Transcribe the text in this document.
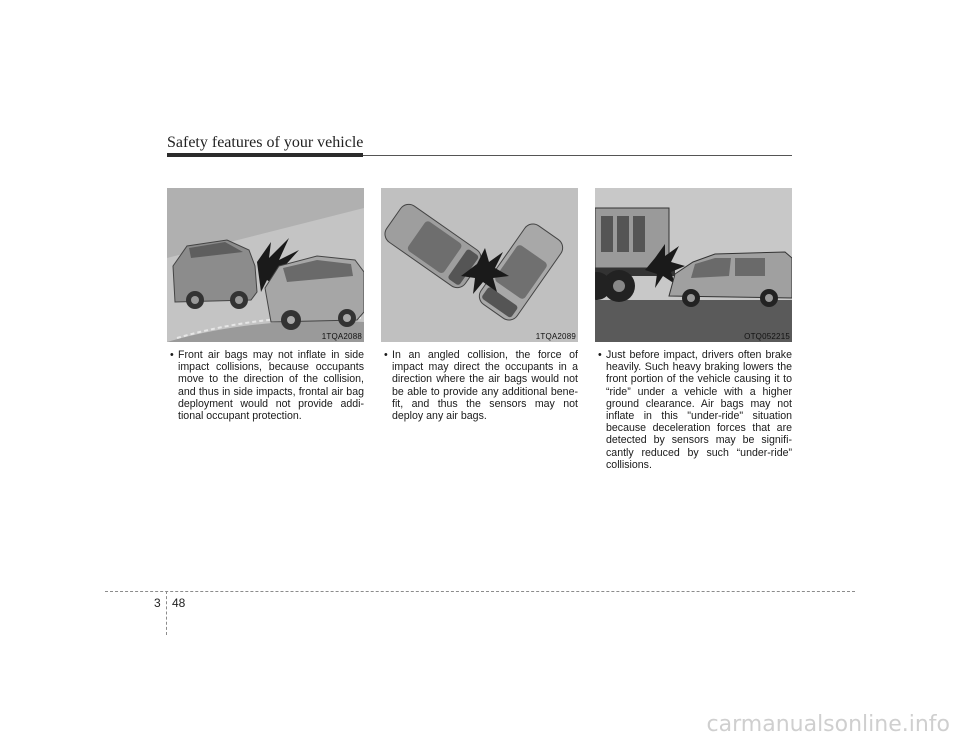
Safety features of your vehicle
1TQA2088
• Front air bags may not inflate in side impact collisions, because occupants move to the direction of the collision, and thus in side impacts, frontal air bag deployment would not provide addi- tional occupant protection.
1TQA2089
• In an angled collision, the force of impact may direct the occupants in a direction where the air bags would not be able to provide any additional bene- fit, and thus the sensors may not deploy any air bags.
OTQ052215
• Just before impact, drivers often brake heavily. Such heavy braking lowers the front portion of the vehicle causing it to “ride” under a vehicle with a higher ground clearance. Air bags may not inflate in this "under-ride" situation because deceleration forces that are detected by sensors may be signifi- cantly reduced by such “under-ride” collisions.
3 48
carmanualsonline.info
